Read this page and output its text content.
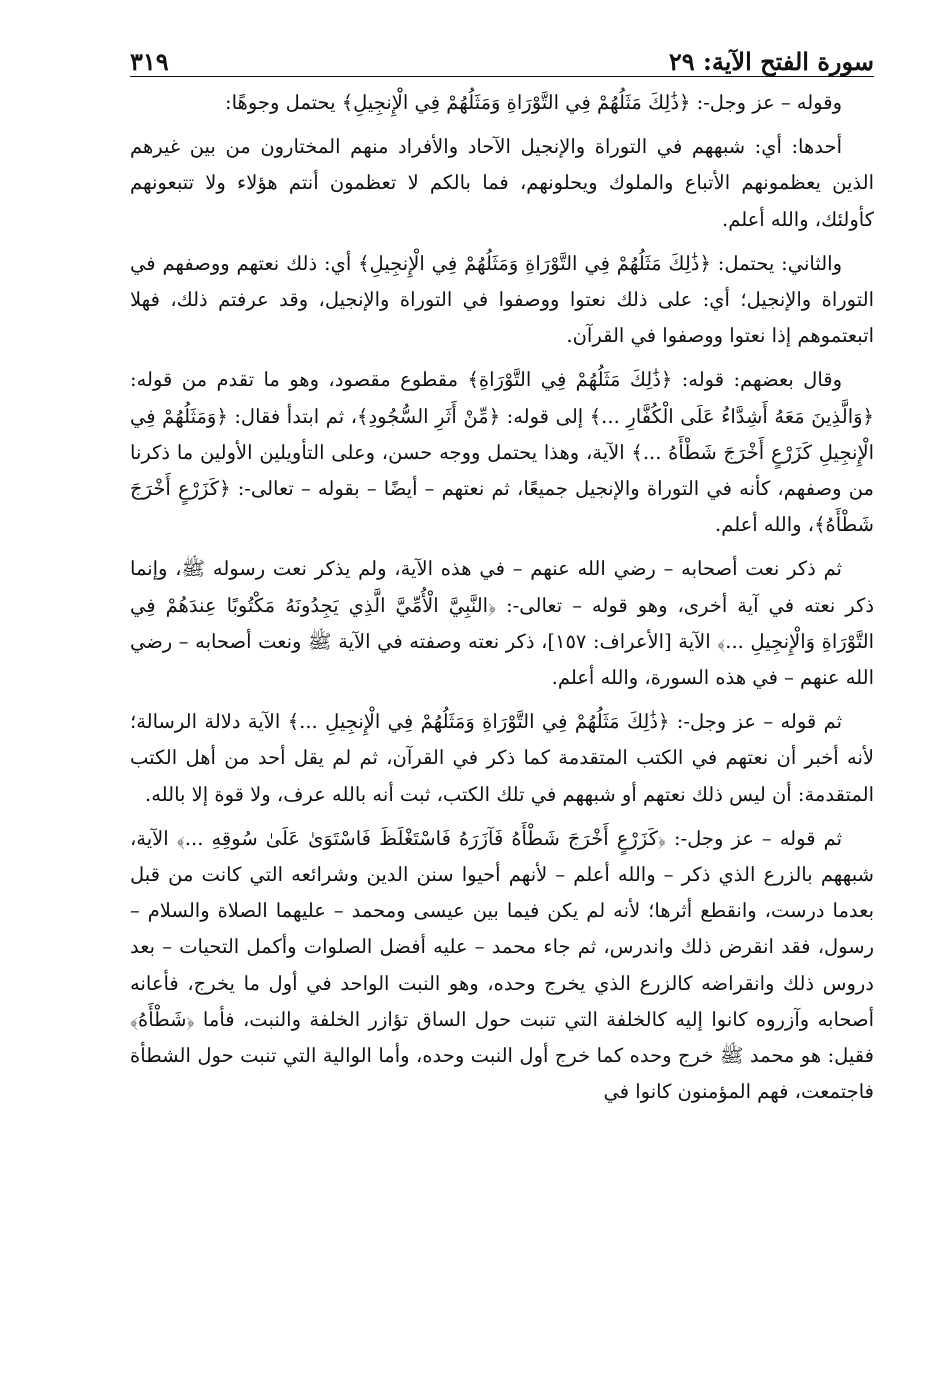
سورة الفتح الآية: ٢٩
٣١٩

وقوله – عز وجل-: ﴿ذَٰلِكَ مَثَلُهُمْ فِي التَّوْرَاةِ وَمَثَلُهُمْ فِي الْإِنجِيلِ﴾ يحتمل وجوهًا:

أحدها: أي: شبههم في التوراة والإنجيل الآحاد والأفراد منهم المختارون من بين غيرهم الذين يعظمونهم الأتباع والملوك ويحلونهم، فما بالكم لا تعظمون أنتم هؤلاء ولا تتبعونهم كأولئك، والله أعلم.

والثاني: يحتمل: ﴿ذَٰلِكَ مَثَلُهُمْ فِي التَّوْرَاةِ وَمَثَلُهُمْ فِي الْإِنجِيلِ﴾ أي: ذلك نعتهم ووصفهم في التوراة والإنجيل؛ أي: على ذلك نعتوا ووصفوا في التوراة والإنجيل، وقد عرفتم ذلك، فهلا اتبعتموهم إذا نعتوا ووصفوا في القرآن.

وقال بعضهم: قوله: ﴿ذَٰلِكَ مَثَلُهُمْ فِي التَّوْرَاةِ﴾ مقطوع مقصود، وهو ما تقدم من قوله: ﴿وَالَّذِينَ مَعَهُ أَشِدَّاءُ عَلَى الْكُفَّارِ ...﴾ إلى قوله: ﴿مِّنْ أَثَرِ السُّجُودِ﴾، ثم ابتدأ فقال: ﴿وَمَثَلُهُمْ فِي الْإِنجِيلِ كَزَرْعٍ أَخْرَجَ شَطْأَهُ ...﴾ الآية، وهذا يحتمل ووجه حسن، وعلى التأويلين الأولين ما ذكرنا من وصفهم، كأنه في التوراة والإنجيل جميعًا، ثم نعتهم – أيضًا – بقوله – تعالى-: ﴿كَزَرْعٍ أَخْرَجَ شَطْأَهُ﴾، والله أعلم.

ثم ذكر نعت أصحابه – رضي الله عنهم – في هذه الآية، ولم يذكر نعت رسوله ﷺ، وإنما ذكر نعته في آية أخرى، وهو قوله – تعالى-: ﴿النَّبِيَّ الْأُمِّيَّ الَّذِي يَجِدُونَهُ مَكْتُوبًا عِندَهُمْ فِي التَّوْرَاةِ وَالْإِنجِيلِ ...﴾ الآية [الأعراف: ١٥٧]، ذكر نعته وصفته في الآية ﷺ ونعت أصحابه – رضي الله عنهم – في هذه السورة، والله أعلم.

ثم قوله – عز وجل-: ﴿ذَٰلِكَ مَثَلُهُمْ فِي التَّوْرَاةِ وَمَثَلُهُمْ فِي الْإِنجِيلِ ...﴾ الآية دلالة الرسالة؛ لأنه أخبر أن نعتهم في الكتب المتقدمة كما ذكر في القرآن، ثم لم يقل أحد من أهل الكتب المتقدمة: أن ليس ذلك نعتهم أو شبههم في تلك الكتب، ثبت أنه بالله عرف، ولا قوة إلا بالله.

ثم قوله – عز وجل-: ﴿كَزَرْعٍ أَخْرَجَ شَطْأَهُ فَآزَرَهُ فَاسْتَغْلَظَ فَاسْتَوَىٰ عَلَىٰ سُوقِهِ ...﴾ الآية، شبههم بالزرع الذي ذكر – والله أعلم – لأنهم أحيوا سنن الدين وشرائعه التي كانت من قبل بعدما درست، وانقطع أثرها؛ لأنه لم يكن فيما بين عيسى ومحمد – عليهما الصلاة والسلام – رسول، فقد انقرض ذلك واندرس، ثم جاء محمد – عليه أفضل الصلوات وأكمل التحيات – بعد دروس ذلك وانقراضه كالزرع الذي يخرج وحده، وهو النبت الواحد في أول ما يخرج، فأعانه أصحابه وآزروه كانوا إليه كالخلفة التي تنبت حول الساق تؤازر الخلفة والنبت، فأما ﴿شَطْأَهُ﴾ فقيل: هو محمد ﷺ خرج وحده كما خرج أول النبت وحده، وأما الوالية التي تنبت حول الشطأة فاجتمعت، فهم المؤمنون كانوا في
